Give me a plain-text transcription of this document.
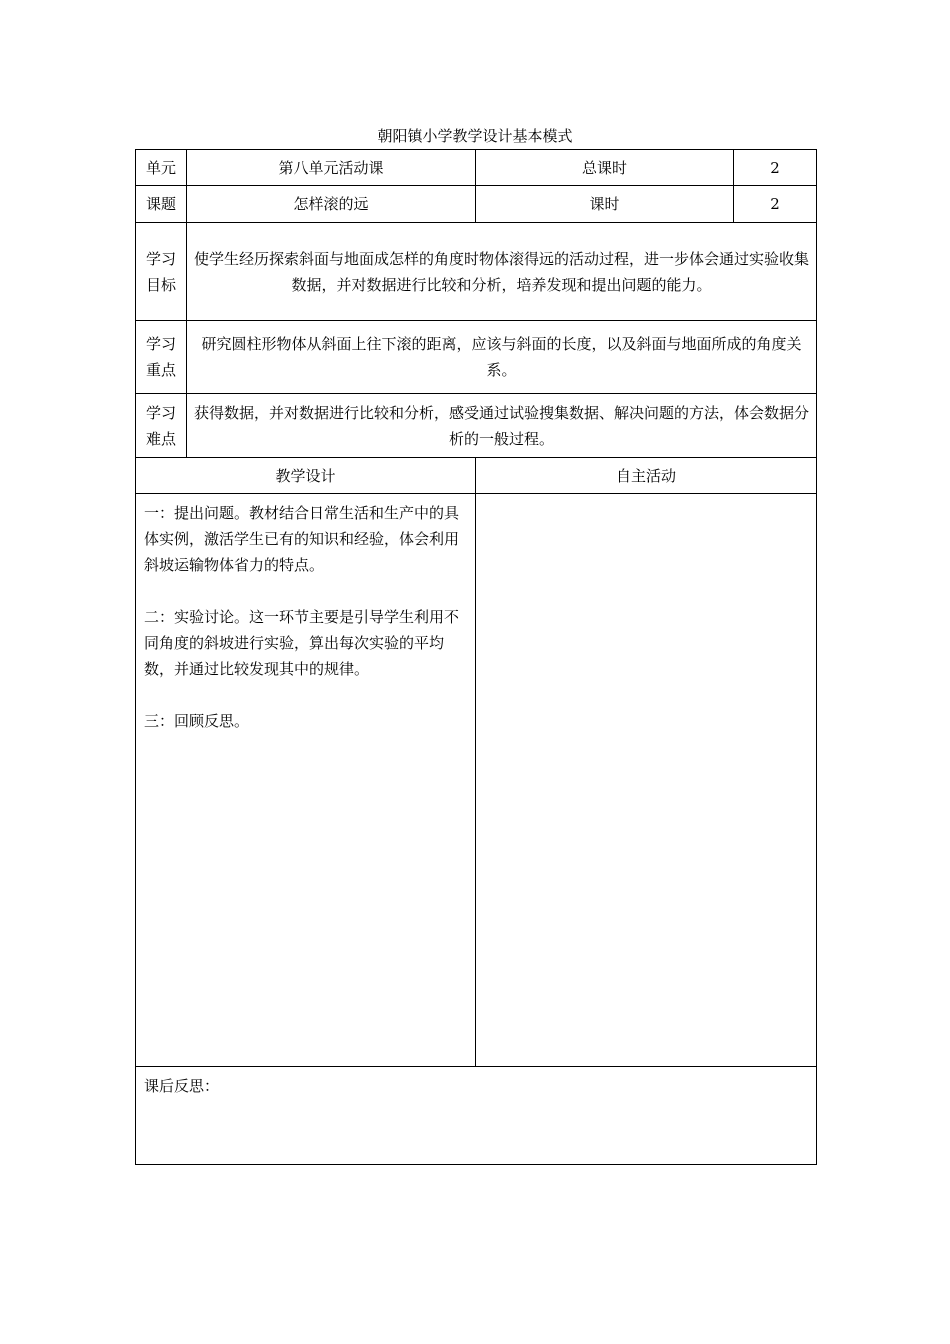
朝阳镇小学教学设计基本模式
单元	第八单元活动课	总课时	2
课题	怎样滚的远	课时	2

学习
目标	使学生经历探索斜面与地面成怎样的角度时物体滚得远的活动过程，进一步体会通过实验收集数据，并对数据进行比较和分析，培养发现和提出问题的能力。		

学习
重点	研究圆柱形物体从斜面上往下滚的距离，应该与斜面的长度，以及斜面与地面所成的角度关系。		

学习
难点	获得数据，并对数据进行比较和分析，感受通过试验搜集数据、解决问题的方法，体会数据分析的一般过程。		
教学设计		自主活动	

一：提出问题。教材结合日常生活和生产中的具体实例，激活学生已有的知识和经验，体会利用斜坡运输物体省力的特点。

二：实验讨论。这一环节主要是引导学生利用不同角度的斜坡进行实验，算出每次实验的平均数，并通过比较发现其中的规律。

三：回顾反思。			

课后反思：			
